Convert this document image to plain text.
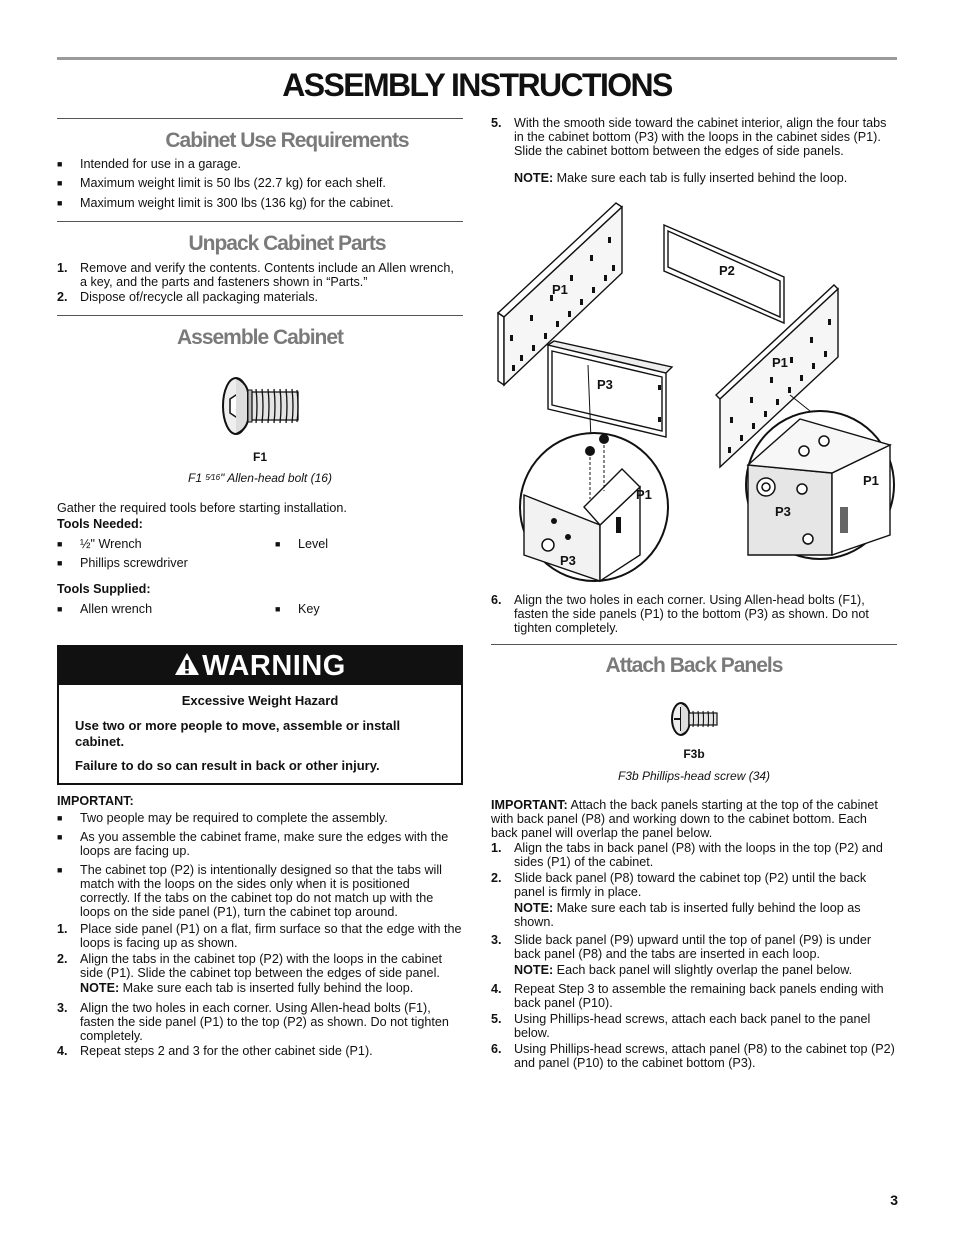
ASSEMBLY INSTRUCTIONS
Cabinet Use Requirements
■ Intended for use in a garage.
■ Maximum weight limit is 50 lbs (22.7 kg) for each shelf.
■ Maximum weight limit is 300 lbs (136 kg) for the cabinet.
Unpack Cabinet Parts
1. Remove and verify the contents. Contents include an Allen wrench, a key, and the parts and fasteners shown in “Parts.”
2. Dispose of/recycle all packaging materials.
Assemble Cabinet
F1
F1 5⁄16" Allen-head bolt (16)
Gather the required tools before starting installation.
Tools Needed:
■ ½" Wrench	■ Level
■ Phillips screwdriver
Tools Supplied:
■ Allen wrench	■ Key
WARNING
Excessive Weight Hazard
Use two or more people to move, assemble or install cabinet.
Failure to do so can result in back or other injury.
IMPORTANT:
■ Two people may be required to complete the assembly.
■ As you assemble the cabinet frame, make sure the edges with the loops are facing up.
■ The cabinet top (P2) is intentionally designed so that the tabs will match with the loops on the sides only when it is positioned correctly. If the tabs on the cabinet top do not match up with the loops on the side panel (P1), turn the cabinet top around.
1. Place side panel (P1) on a flat, firm surface so that the edge with the loops is facing up as shown.
2. Align the tabs in the cabinet top (P2) with the loops in the cabinet side (P1). Slide the cabinet top between the edges of side panel.
NOTE: Make sure each tab is inserted fully behind the loop.
3. Align the two holes in each corner. Using Allen-head bolts (F1), fasten the side panel (P1) to the top (P2) as shown. Do not tighten completely.
4. Repeat steps 2 and 3 for the other cabinet side (P1).
5. With the smooth side toward the cabinet interior, align the four tabs in the cabinet bottom (P3) with the loops in the cabinet sides (P1). Slide the cabinet bottom between the edges of side panels.
NOTE: Make sure each tab is fully inserted behind the loop.
P1
P2
P1
P3
P1
P3
P1
P3
6. Align the two holes in each corner. Using Allen-head bolts (F1), fasten the side panels (P1) to the bottom (P3) as shown. Do not tighten completely.
Attach Back Panels
F3b
F3b Phillips-head screw (34)
IMPORTANT: Attach the back panels starting at the top of the cabinet with back panel (P8) and working down to the cabinet bottom. Each back panel will overlap the panel below.
1. Align the tabs in back panel (P8) with the loops in the top (P2) and sides (P1) of the cabinet.
2. Slide back panel (P8) toward the cabinet top (P2) until the back panel is firmly in place.
NOTE: Make sure each tab is inserted fully behind the loop as shown.
3. Slide back panel (P9) upward until the top of panel (P9) is under back panel (P8) and the tabs are inserted in each loop.
NOTE: Each back panel will slightly overlap the panel below.
4. Repeat Step 3 to assemble the remaining back panels ending with back panel (P10).
5. Using Phillips-head screws, attach each back panel to the panel below.
6. Using Phillips-head screws, attach panel (P8) to the cabinet top (P2) and panel (P10) to the cabinet bottom (P3).
3
